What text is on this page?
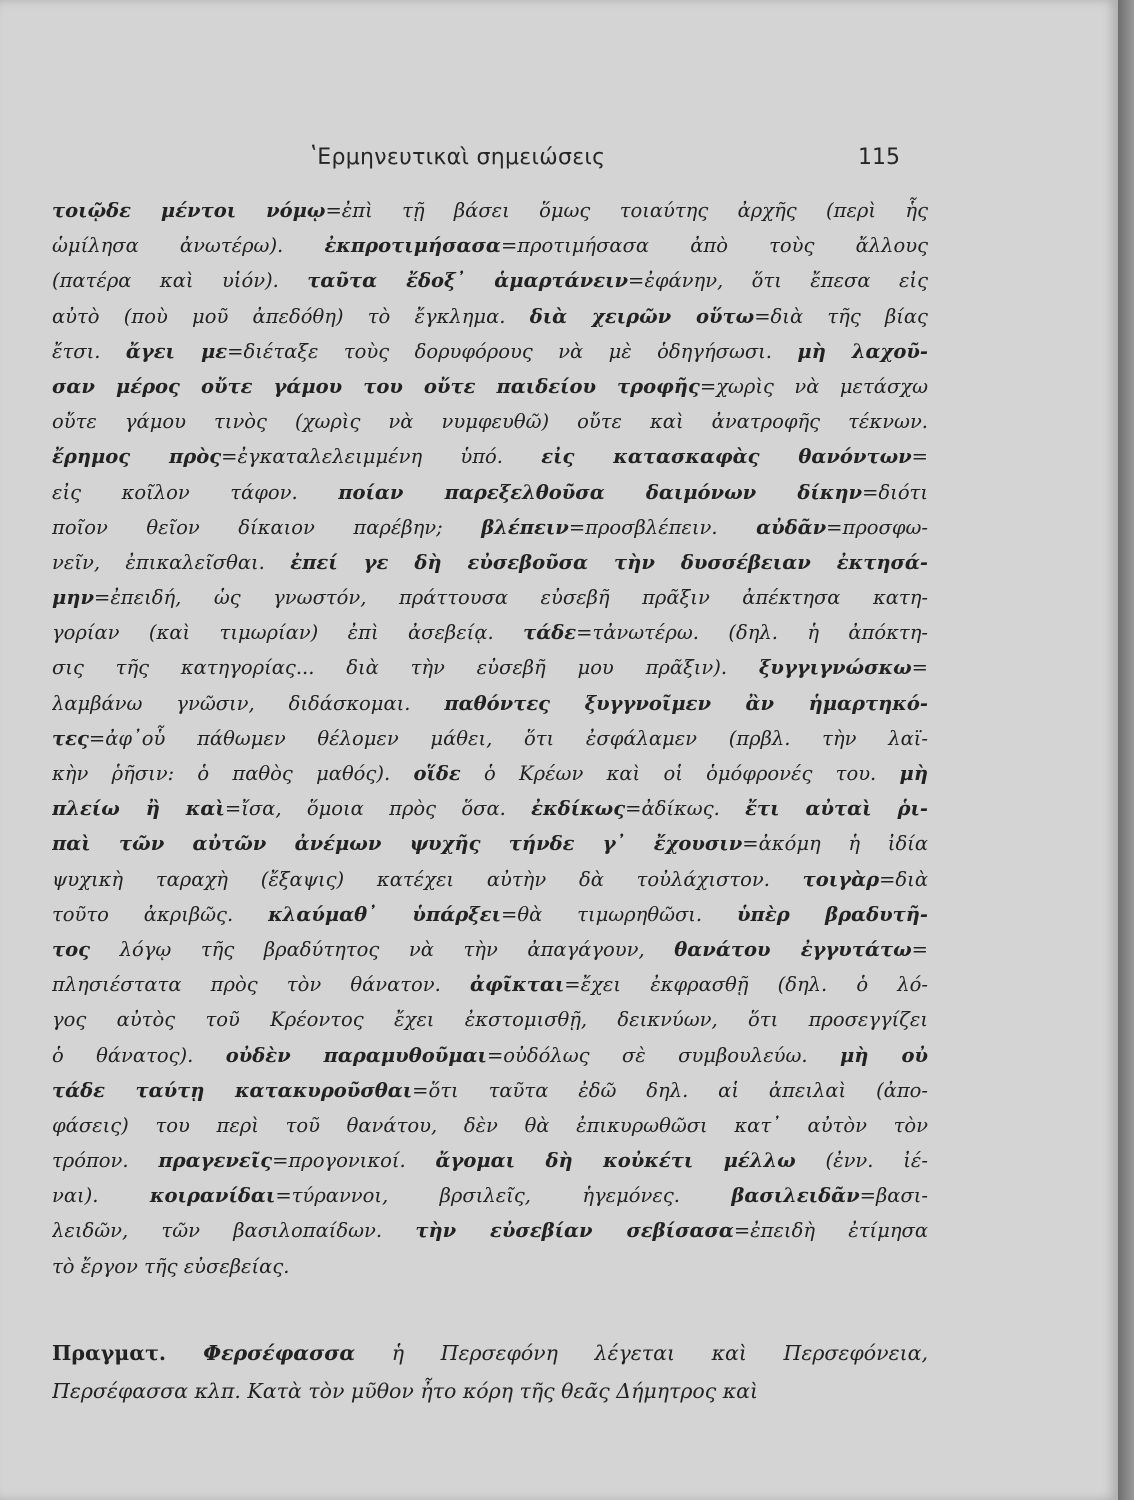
ʽΕρμηνευτικαὶ σημειώσεις	115
τοιῷδε μέντοι νόμῳ=ἐπὶ τῇ βάσει ὅμως τοιαύτης ἀρχῆς (περὶ ἧς
ὡμίλησα ἀνωτέρω). ἐκπροτιμήσασα=προτιμήσασα ἀπὸ τοὺς ἄλλους
(πατέρα καὶ υἱόν). ταῦτα ἔδοξ᾽ ἁμαρτάνειν=ἐφάνην, ὅτι ἔπεσα εἰς
αὐτὸ (ποὺ μοῦ ἀπεδόθη) τὸ ἔγκλημα. διὰ χειρῶν οὕτω=διὰ τῆς βίας
ἔτσι. ἄγει με=διέταξε τοὺς δορυφόρους νὰ μὲ ὁδηγήσωσι. μὴ λαχοῦ-
σαν μέρος οὔτε γάμου του οὔτε παιδείου τροφῆς=χωρὶς νὰ μετάσχω
οὔτε γάμου τινὸς (χωρὶς νὰ νυμφευθῶ) οὔτε καὶ ἀνατροφῆς τέκνων.
ἔρημος πρὸς=ἐγκαταλελειμμένη ὑπό. εἰς κατασκαφὰς θανόντων=
εἰς κοῖλον τάφον. ποίαν παρεξελθοῦσα δαιμόνων δίκην=διότι
ποῖον θεῖον δίκαιον παρέβην; βλέπειν=προσβλέπειν. αὐδᾶν=προσφω-
νεῖν, ἐπικαλεῖσθαι. ἐπεί γε δὴ εὐσεβοῦσα τὴν δυσσέβειαν ἐκτησά-
μην=ἐπειδή, ὡς γνωστόν, πράττουσα εὐσεβῆ πρᾶξιν ἀπέκτησα κατη-
γορίαν (καὶ τιμωρίαν) ἐπὶ ἀσεβείᾳ. τάδε=τἀνωτέρω. (δηλ. ἡ ἀπόκτη-
σις τῆς κατηγορίας... διὰ τὴν εὐσεβῆ μου πρᾶξιν). ξυγγιγνώσκω=
λαμβάνω γνῶσιν, διδάσκομαι. παθόντες ξυγγνοῖμεν ἂν ἡμαρτηκό-
τες=ἀφ᾽οὗ πάθωμεν θέλομεν μάθει, ὅτι ἐσφάλαμεν (πρβλ. τὴν λαϊ-
κὴν ῥῆσιν: ὁ παθὸς μαθός). οἵδε ὁ Κρέων καὶ οἱ ὁμόφρονές του. μὴ
πλείω ἢ καὶ=ἴσα, ὅμοια πρὸς ὅσα. ἐκδίκως=ἀδίκως. ἔτι αὐταὶ ῥι-
παὶ τῶν αὐτῶν ἀνέμων ψυχῆς τήνδε γ᾽ ἔχουσιν=ἀκόμη ἡ ἰδία
ψυχικὴ ταραχὴ (ἔξαψις) κατέχει αὐτὴν δὰ τοὐλάχιστον. τοιγὰρ=διὰ
τοῦτο ἀκριβῶς. κλαύμαθ᾽ ὑπάρξει=θὰ τιμωρηθῶσι. ὑπὲρ βραδυτῆ-
τος λόγῳ τῆς βραδύτητος νὰ τὴν ἀπαγάγουν, θανάτου ἐγγυτάτω=
πλησιέστατα πρὸς τὸν θάνατον. ἀφῖκται=ἔχει ἐκφρασθῇ (δηλ. ὁ λό-
γος αὐτὸς τοῦ Κρέοντος ἔχει ἐκστομισθῇ, δεικνύων, ὅτι προσεγγίζει
ὁ θάνατος). οὐδὲν παραμυθοῦμαι=οὐδόλως σὲ συμβουλεύω. μὴ οὐ
τάδε ταύτῃ κατακυροῦσθαι=ὅτι ταῦτα ἐδῶ δηλ. αἱ ἀπειλαὶ (ἀπο-
φάσεις) του περὶ τοῦ θανάτου, δὲν θὰ ἐπικυρωθῶσι κατ᾽ αὐτὸν τὸν
τρόπον. πραγενεῖς=προγονικοί. ἄγομαι δὴ κοὐκέτι μέλλω (ἐνν. ἰέ-
ναι). κοιρανίδαι=τύραννοι, βρσιλεῖς, ἡγεμόνες. βασιλειδᾶν=βασι-
λειδῶν, τῶν βασιλοπαίδων. τὴν εὐσεβίαν σεβίσασα=ἐπειδὴ ἐτίμησα
τὸ ἔργον τῆς εὐσεβείας.
Πραγματ. Φερσέφασσα ἡ Περσεφόνη λέγεται καὶ Περσεφόνεια,
Περσέφασσα κλπ. Κατὰ τὸν μῦθον ἦτο κόρη τῆς θεᾶς Δήμητρος καὶ
